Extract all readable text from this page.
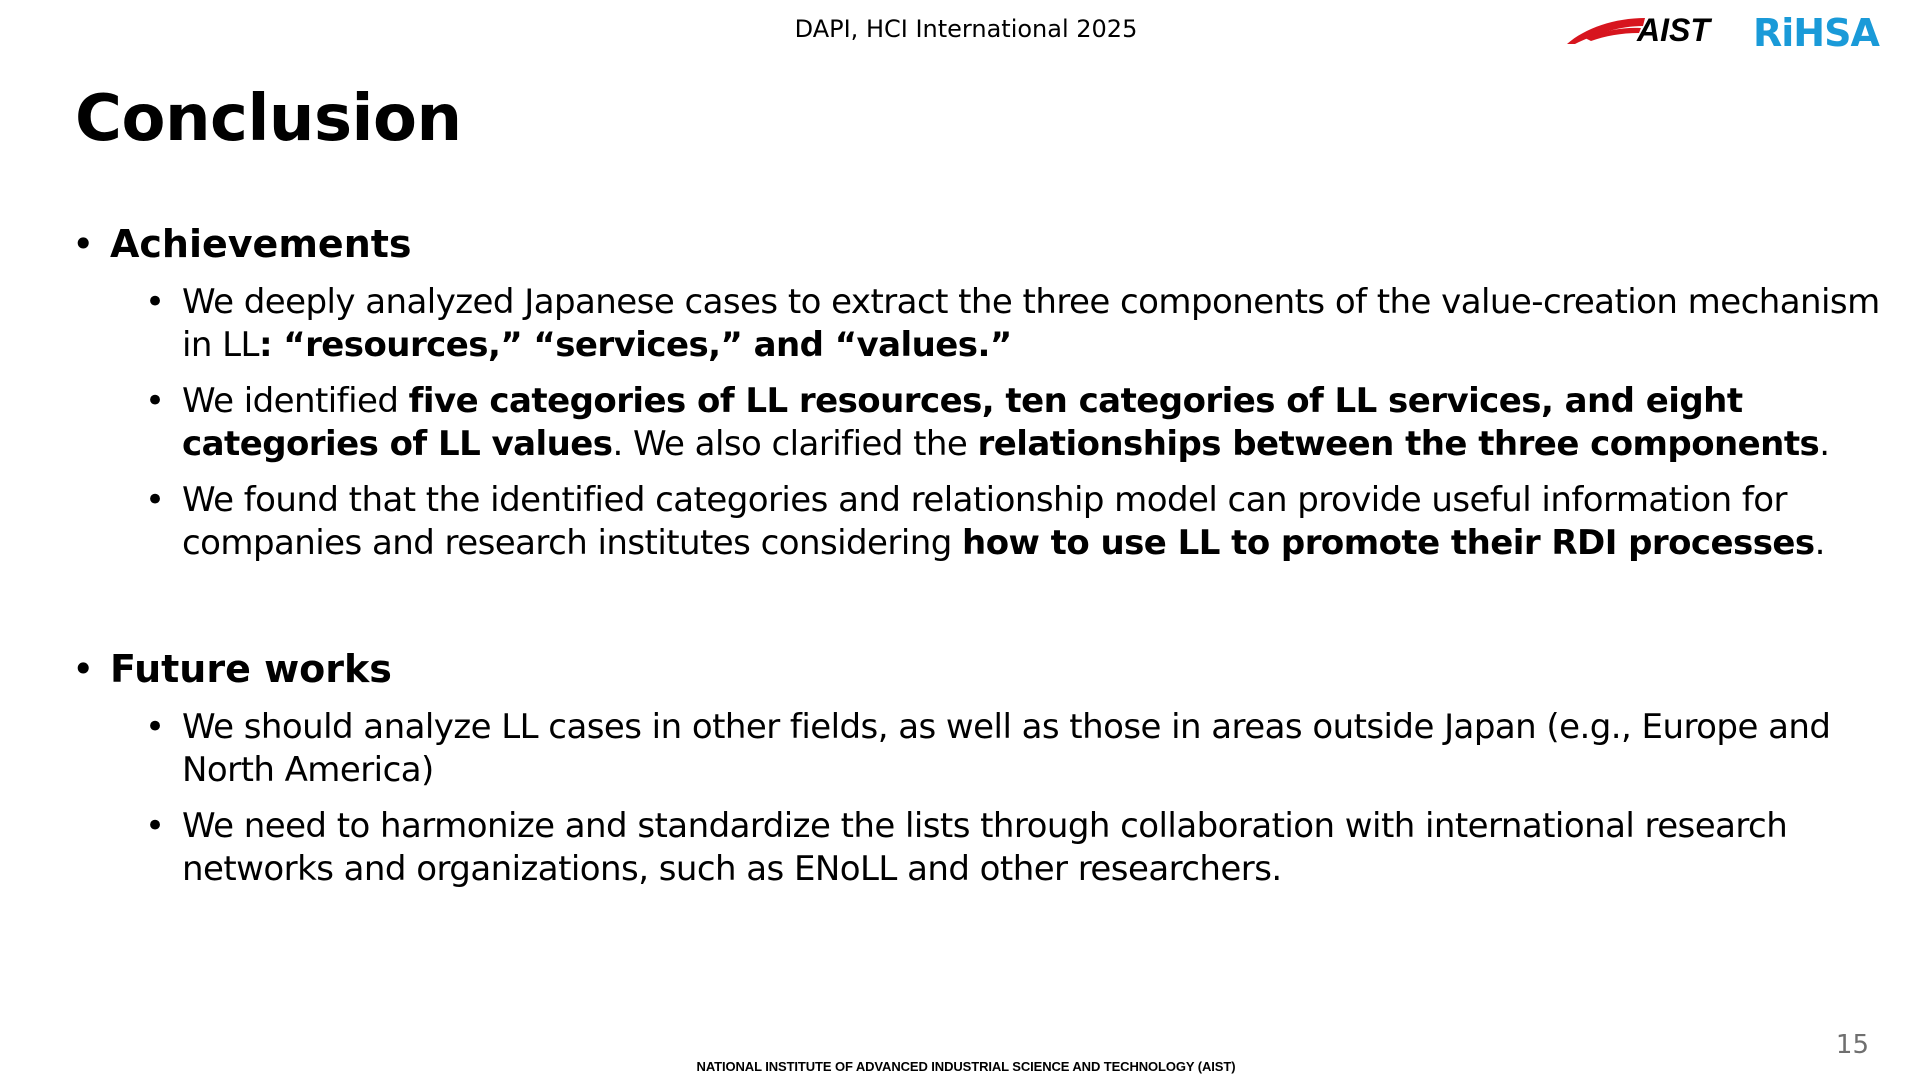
DAPI, HCI International 2025	AIST RiHSA
Conclusion
• Achievements
• We deeply analyzed Japanese cases to extract the three components of the value-creation mechanism in LL: “resources,” “services,” and “values.”
• We identified five categories of LL resources, ten categories of LL services, and eight categories of LL values. We also clarified the relationships between the three components.
• We found that the identified categories and relationship model can provide useful information for companies and research institutes considering how to use LL to promote their RDI processes.
• Future works
• We should analyze LL cases in other fields, as well as those in areas outside Japan (e.g., Europe and North America)
• We need to harmonize and standardize the lists through collaboration with international research networks and organizations, such as ENoLL and other researchers.
15
NATIONAL INSTITUTE OF ADVANCED INDUSTRIAL SCIENCE AND TECHNOLOGY (AIST)
